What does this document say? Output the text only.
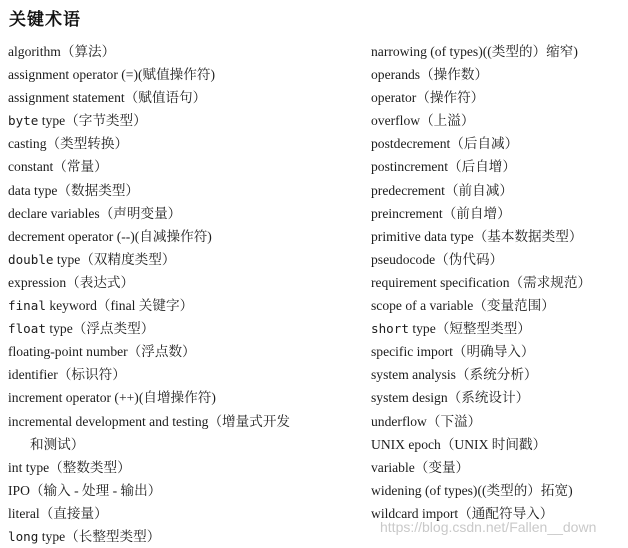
关键术语
algorithm（算法）
assignment operator (=)(赋值操作符)
assignment statement（赋值语句）
byte type（字节类型）
casting（类型转换）
constant（常量）
data type（数据类型）
declare variables（声明变量）
decrement operator (--)(自减操作符)
double type（双精度类型）
expression（表达式）
final keyword（final 关键字）
float type（浮点类型）
floating-point number（浮点数）
identifier（标识符）
increment operator (++)(自增操作符)
incremental development and testing（增量式开发
和测试）
int type（整数类型）
IPO（输入 - 处理 - 输出）
literal（直接量）
long type（长整型类型）
narrowing (of types)((类型的）缩窄)
operands（操作数）
operator（操作符）
overflow（上溢）
postdecrement（后自减）
postincrement（后自增）
predecrement（前自减）
preincrement（前自增）
primitive data type（基本数据类型）
pseudocode（伪代码）
requirement specification（需求规范）
scope of a variable（变量范围）
short type（短整型类型）
specific import（明确导入）
system analysis（系统分析）
system design（系统设计）
underflow（下溢）
UNIX epoch（UNIX 时间戳）
variable（变量）
widening (of types)((类型的）拓宽)
wildcard import（通配符导入）
https://blog.csdn.net/Fallen__down
